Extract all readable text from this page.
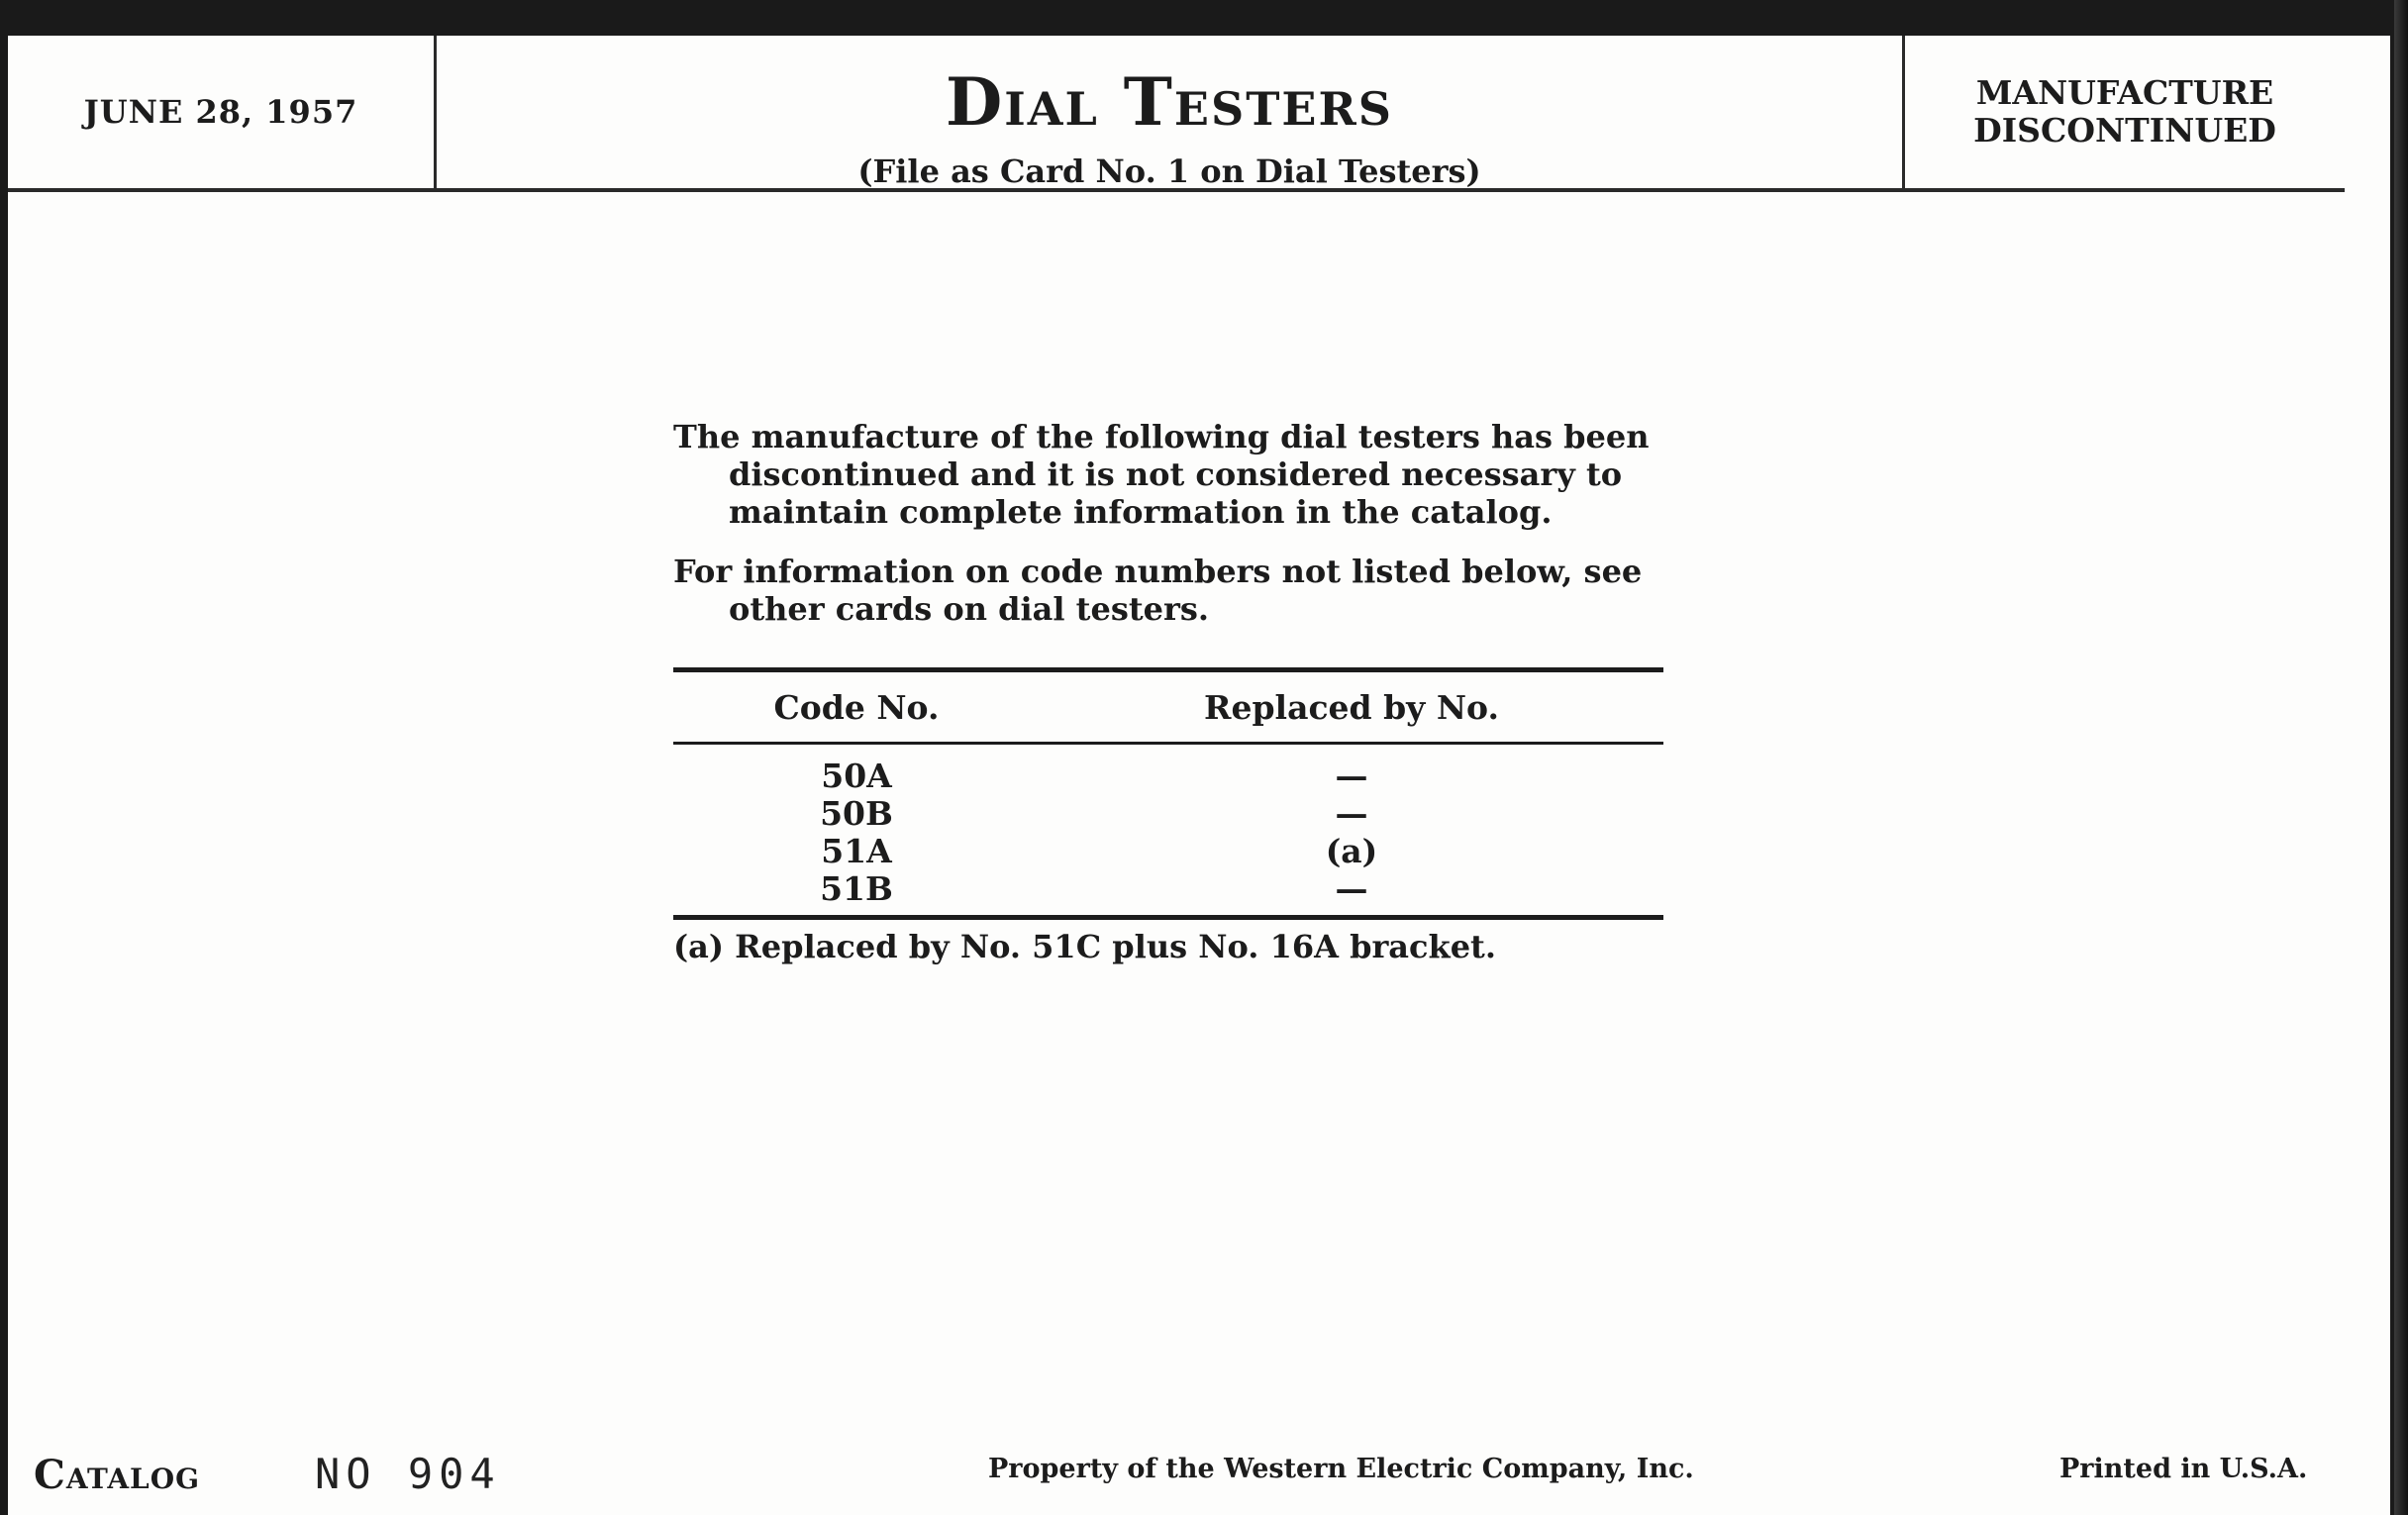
JUNE 28, 1957	Dial Testers
(File as Card No. 1 on Dial Testers)
MANUFACTURE
DISCONTINUED

The manufacture of the following dial testers has been discontinued and it is not considered necessary to maintain complete information in the catalog.

For information on code numbers not listed below, see other cards on dial testers.

Code No.	Replaced by No.
50A	—
50B	—
51A	(a)
51B	—
(a) Replaced by No. 51C plus No. 16A bracket.
Catalog	NO 904	Property of the Western Electric Company, Inc.	Printed in U.S.A.
